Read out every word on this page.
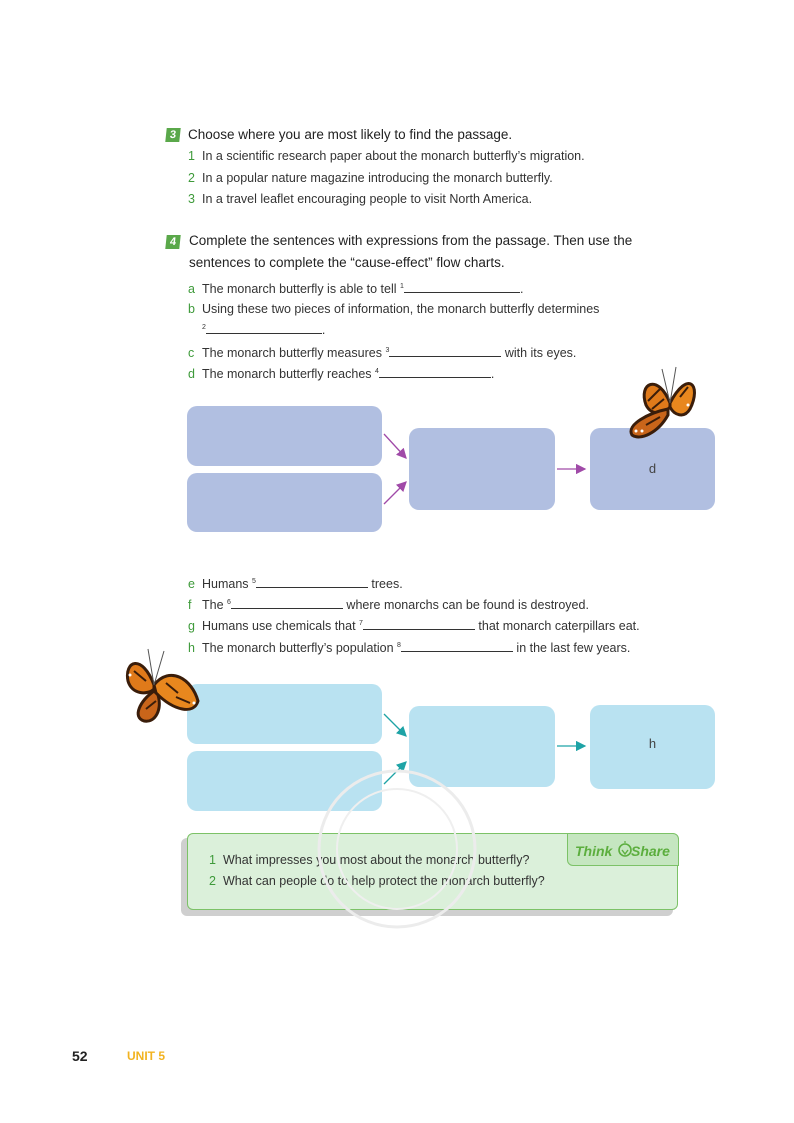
3 Choose where you are most likely to find the passage.
1 In a scientific research paper about the monarch butterfly’s migration.
2 In a popular nature magazine introducing the monarch butterfly.
3 In a travel leaflet encouraging people to visit North America.
4 Complete the sentences with expressions from the passage. Then use the
sentences to complete the “cause-effect” flow charts.
a The monarch butterfly is able to tell $^1$	.
b Using these two pieces of information, the monarch butterfly determines
$^2$	.
c The monarch butterfly measures $^3$	with its eyes.
d The monarch butterfly reaches $^4$	.
d
e Humans $^5$	trees.
f The $^6$	where monarchs can be found is destroyed.
g Humans use chemicals that $^7$	that monarch caterpillars eat.
h The monarch butterfly’s population $^8$	in the last few years.
h
Think Share
1 What impresses you most about the monarch butterfly?
2 What can people do to help protect the monarch butterfly?
52	UNIT 5
